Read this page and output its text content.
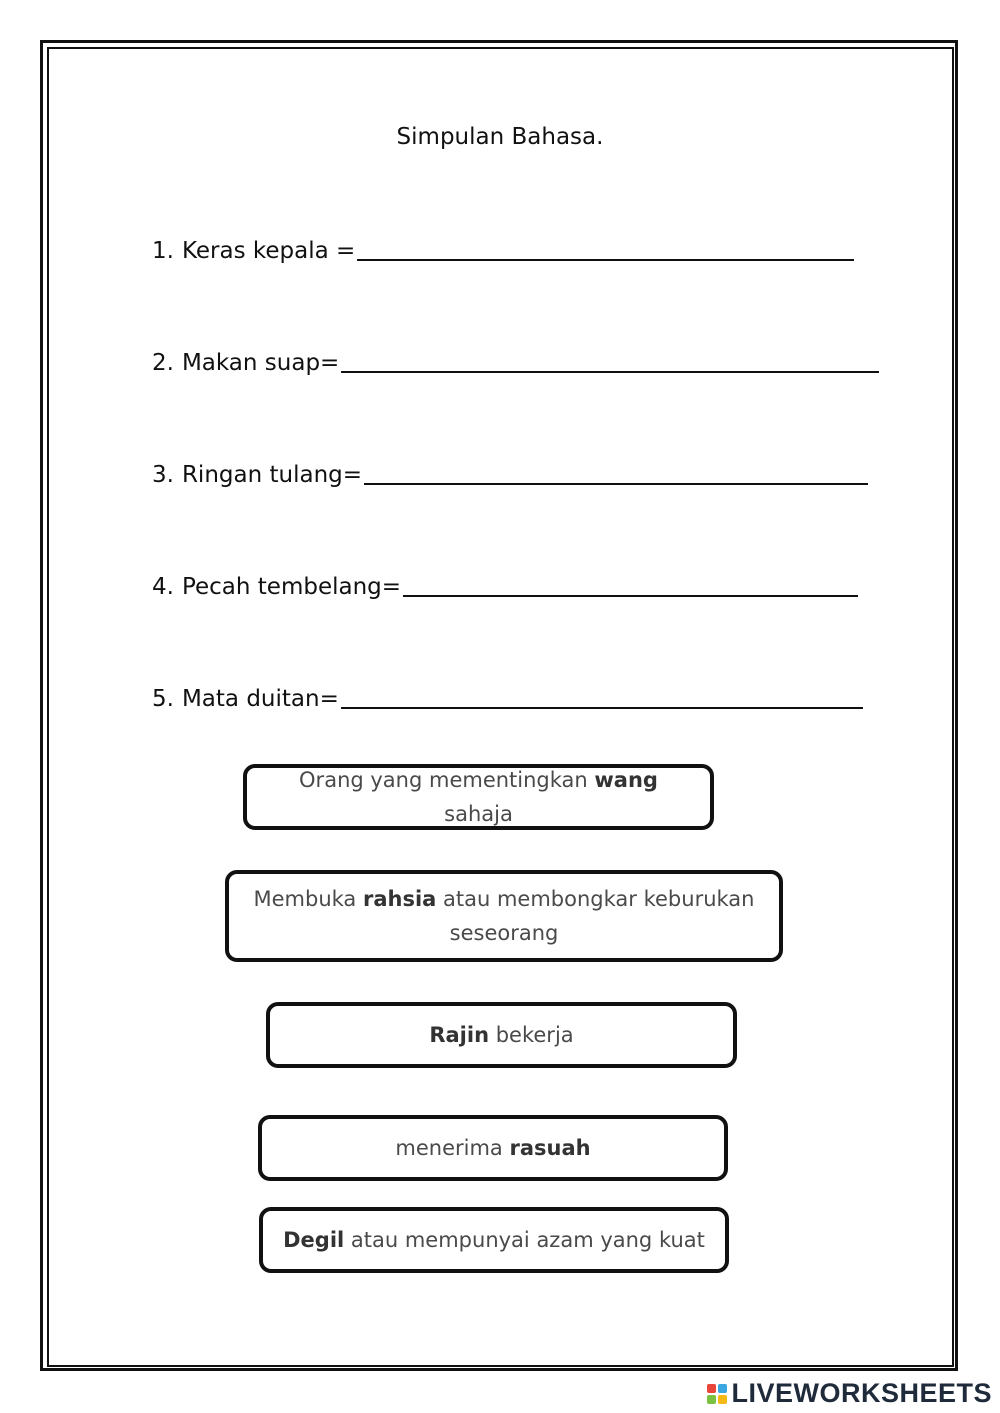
Simpulan Bahasa.
1. Keras kepala =
2. Makan suap=
3. Ringan tulang=
4. Pecah tembelang=
5. Mata duitan=
Orang yang mementingkan wang sahaja
Membuka rahsia atau membongkar keburukan seseorang
Rajin bekerja
menerima rasuah
Degil atau mempunyai azam yang kuat
LIVEWORKSHEETS
